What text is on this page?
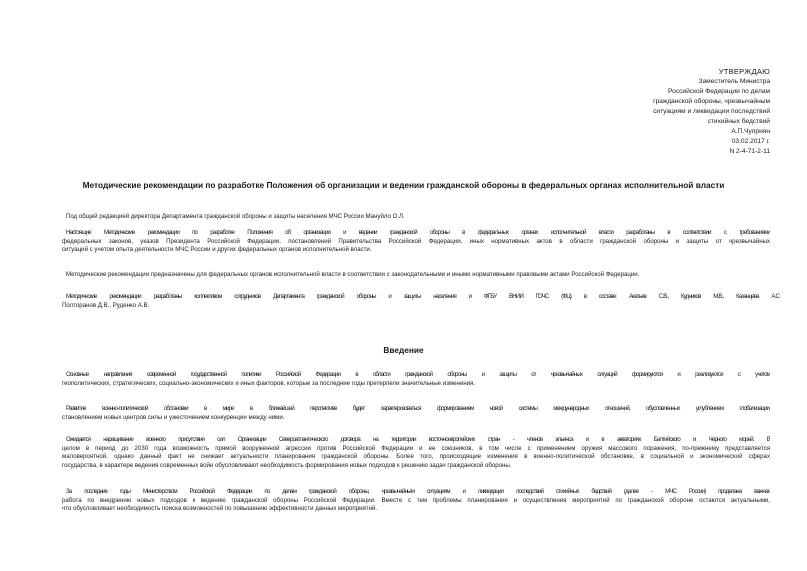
УТВЕРЖДАЮ
Заместитель Министра
Российской Федерации по делам
гражданской обороны, чрезвычайным
ситуациям и ликвидации последствий
стихийных бедствий
А.П.Чуприян
03.02.2017 г.
N 2-4-71-2-11
Методические рекомендации по разработке Положения об организации и ведении гражданской обороны в федеральных органах исполнительной власти
Под общей редакцией директора Департамента гражданской обороны и защиты населения МЧС России Мануйло О.Л.
Настоящие Методические рекомендации по разработке Положения об организации и ведении гражданской обороны в федеральных органах исполнительной власти разработаны в соответствии с требованиями
федеральных законов, указов Президента Российской Федерации, постановлений Правительства Российской Федерации, иных нормативных актов в области гражданской обороны и защиты от чрезвычайных
ситуаций с учетом опыта деятельности МЧС России и других федеральных органов исполнительной власти.
Методические рекомендации предназначены для федеральных органов исполнительной власти в соответствии с законодательными и иными нормативными правовыми актами Российской Федерации.
Методические рекомендации разработаны коллективом сотрудников Департамента гражданской обороны и защиты населения и ФГБУ ВНИИ ГОЧС (ФЦ) в составе: Акатьев С.В., Кудников М.В., Казанцева А.С.
Полторанов Д.В., Руденко А.В.
Введение
Основные направления современной государственной политики Российской Федерации в области гражданской обороны и защиты от чрезвычайных ситуаций формируются и реализуются с учетом
геополитических, стратегических, социально-экономических и иных факторов, которые за последние годы претерпели значительные изменения.
Развитие военно-политической обстановки в мире в ближайшей перспективе будет характеризоваться формированием новой системы международных отношений, обусловленных углублением глобализации,
становлением новых центров силы и ужесточением конкуренции между ними.
Ожидается наращивание военного присутствия сил Организации Североатлантического договора на территории восточноевропейских стран - членов альянса и в акваториях Балтийского и Черного морей. В
целом в период до 2030 года возможность прямой вооруженной агрессии против Российской Федерации и ее союзников, в том числе с применением оружия массового поражения, по-прежнему представляется
маловероятной, однако данный факт не снижает актуальности планирования гражданской обороны. Более того, происходящие изменения в военно-политической обстановке, в социальной и экономической сферах
государства, в характере ведения современных войн обусловливают необходимость формирования новых подходов к решению задач гражданской обороны.
За последние годы Министерством Российской Федерации по делам гражданской обороны, чрезвычайным ситуациям и ликвидации последствий стихийных бедствий (далее - МЧС России) проделана важная
работа по внедрению новых подходов к ведению гражданской обороны Российской Федерации. Вместе с тем проблемы планирования и осуществления мероприятий по гражданской обороне остаются актуальными,
что обусловливает необходимость поиска возможностей по повышению эффективности данных мероприятий.
